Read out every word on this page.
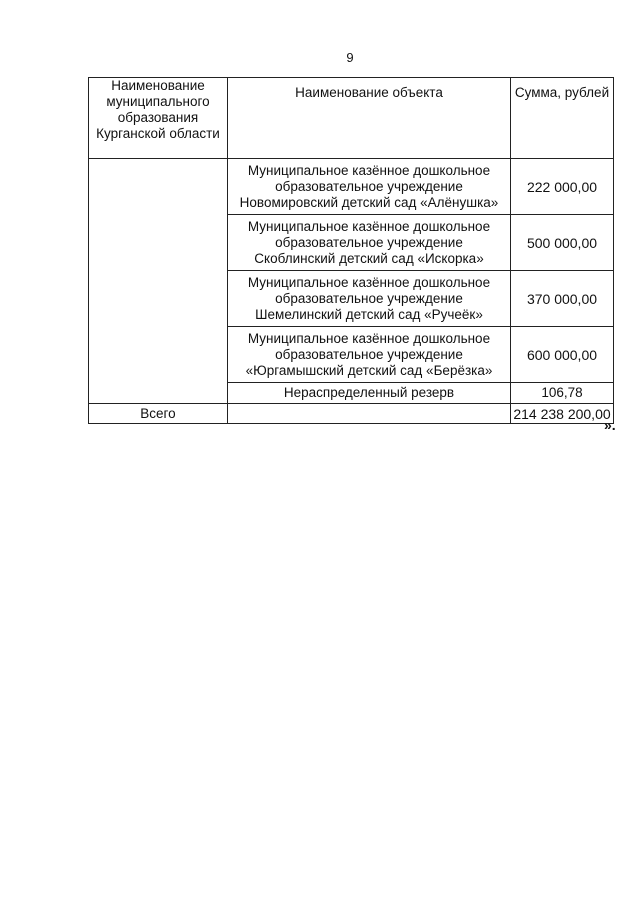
9
Наименование муниципального образования Курганской области	Наименование объекта	Сумма, рублей

	Муниципальное казённое дошкольное
образовательное учреждение
Новомировский детский сад «Алёнушка»	222 000,00

	Муниципальное казённое дошкольное
образовательное учреждение
Скоблинский детский сад «Искорка»	500 000,00

	Муниципальное казённое дошкольное
образовательное учреждение
Шемелинский детский сад «Ручеёк»	370 000,00

	Муниципальное казённое дошкольное
образовательное учреждение
«Юргамышский детский сад «Берёзка»	600 000,00
	Нераспределенный резерв	106,78
Всего		214 238 200,00
».
